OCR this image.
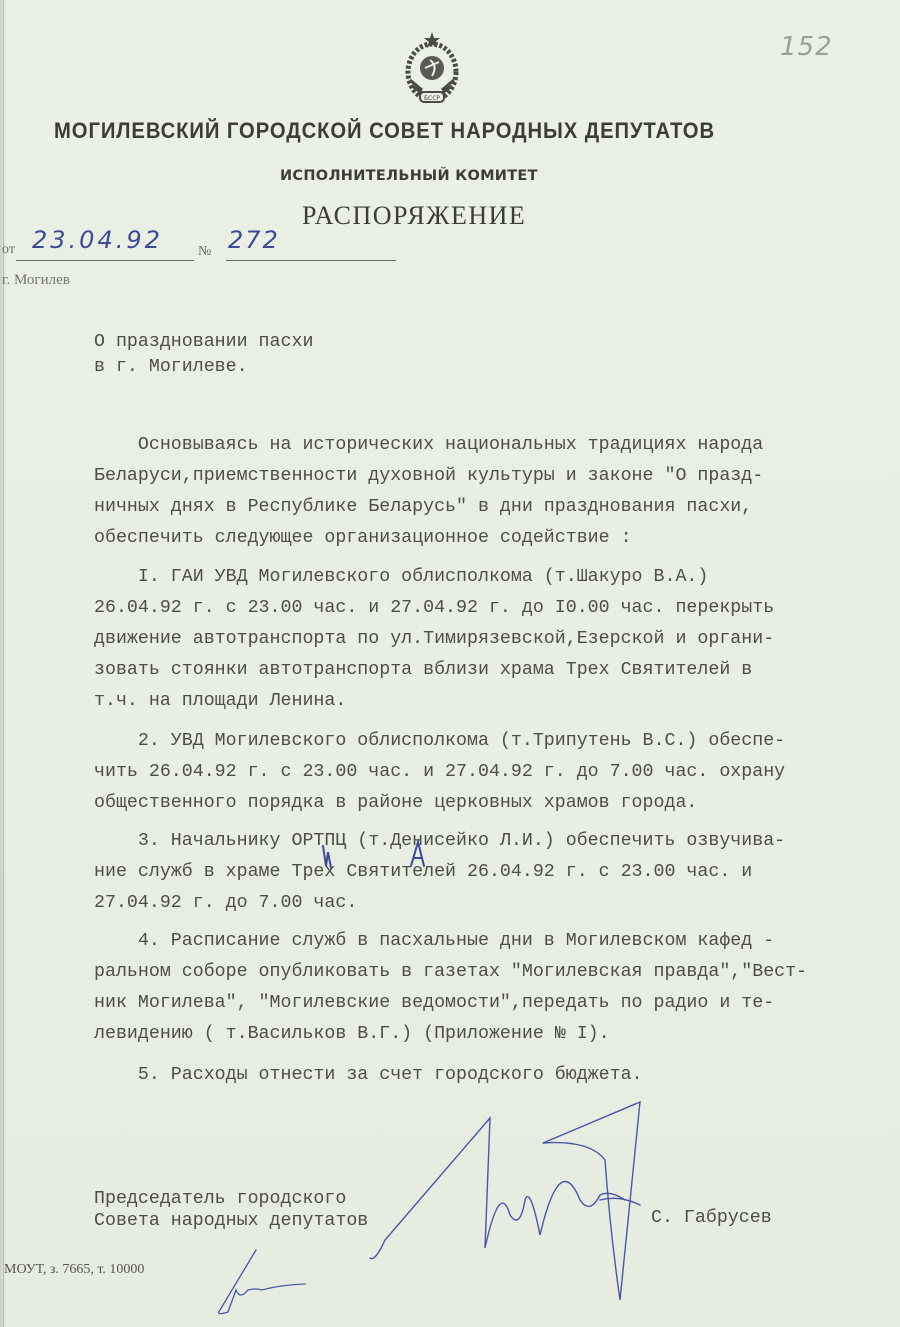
БССР
152
МОГИЛЕВСКИЙ ГОРОДСКОЙ СОВЕТ НАРОДНЫХ ДЕПУТАТОВ
ИСПОЛНИТЕЛЬНЫЙ КОМИТЕТ
РАСПОРЯЖЕНИЕ
от 23.04.92	№ 272
г. Могилев
О праздновании пасхи
в г. Могилеве.
Основываясь на исторических национальных традициях народа
Беларуси,приемственности духовной культуры и законе "О празд-
ничных днях в Республике Беларусь" в дни празднования пасхи,
обеспечить следующее организационное содействие :
I. ГАИ УВД Могилевского облисполкома (т.Шакуро В.А.)
26.04.92 г. с 23.00 час. и 27.04.92 г. до I0.00 час. перекрыть
движение автотранспорта по ул.Тимирязевской,Езерской и органи-
зовать стоянки автотранспорта вблизи храма Трех Святителей в
т.ч. на площади Ленина.
2. УВД Могилевского облисполкома (т.Трипутень В.С.) обеспе-
чить 26.04.92 г. с 23.00 час. и 27.04.92 г. до 7.00 час. охрану
общественного порядка в районе церковных храмов города.
3. Начальнику ОРТПЦ (т.Денисейко Л.И.) обеспечить озвучива-
ние служб в храме Трех Святителей 26.04.92 г. с 23.00 час. и
27.04.92 г. до 7.00 час.
4. Расписание служб в пасхальные дни в Могилевском кафед -
ральном соборе опубликовать в газетах "Могилевская правда","Вест-
ник Могилева", "Могилевские ведомости",передать по радио и те-
левидению ( т.Васильков В.Г.) (Приложение № I).
5. Расходы отнести за счет городского бюджета.
Председатель городского
Совета народных депутатов	С. Габрусев
МОУТ, з. 7665, т. 10000
